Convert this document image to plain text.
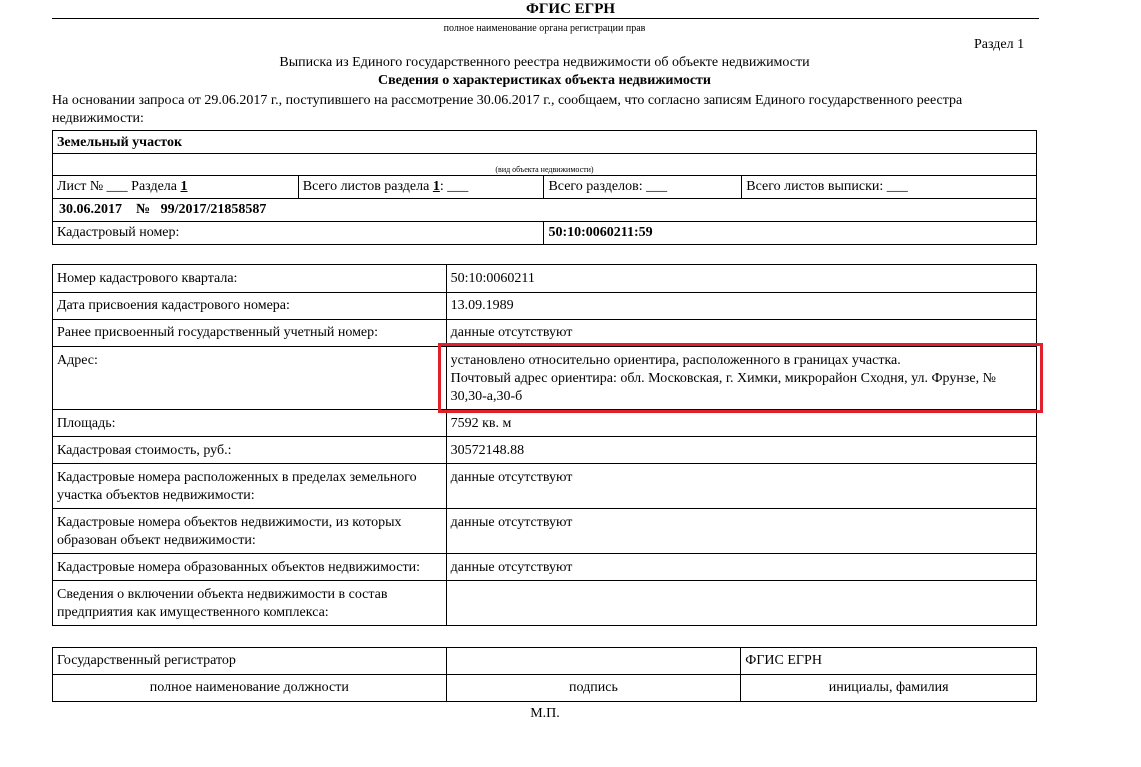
ФГИС ЕГРН
полное наименование органа регистрации прав
Раздел 1
Выписка из Единого государственного реестра недвижимости об объекте недвижимости
Сведения о характеристиках объекта недвижимости
На основании запроса от 29.06.2017 г., поступившего на рассмотрение 30.06.2017 г., сообщаем, что согласно записям Единого государственного реестра недвижимости:
Земельный участок			
(вид объекта недвижимости)			
Лист № ___ Раздела 1	Всего листов раздела 1: ___	Всего разделов: ___	Всего листов выписки: ___
30.06.2017 № 99/2017/21858587			
Кадастровый номер:		50:10:0060211:59	
Номер кадастрового квартала:	50:10:0060211
Дата присвоения кадастрового номера:	13.09.1989
Ранее присвоенный государственный учетный номер:	данные отсутствуют
Адрес:	установлено относительно ориентира, расположенного в границах участка.
Почтовый адрес ориентира: обл. Московская, г. Химки, микрорайон Сходня, ул. Фрунзе, № 30,30-а,30-б

Площадь:	7592 кв. м
Кадастровая стоимость, руб.:	30572148.88
Кадастровые номера расположенных в пределах земельного участка объектов недвижимости:	данные отсутствуют
Кадастровые номера объектов недвижимости, из которых образован объект недвижимости:	данные отсутствуют
Кадастровые номера образованных объектов недвижимости:	данные отсутствуют
Сведения о включении объекта недвижимости в состав предприятия как имущественного комплекса:	
Государственный регистратор		ФГИС ЕГРН
полное наименование должности	подпись	инициалы, фамилия
М.П.
